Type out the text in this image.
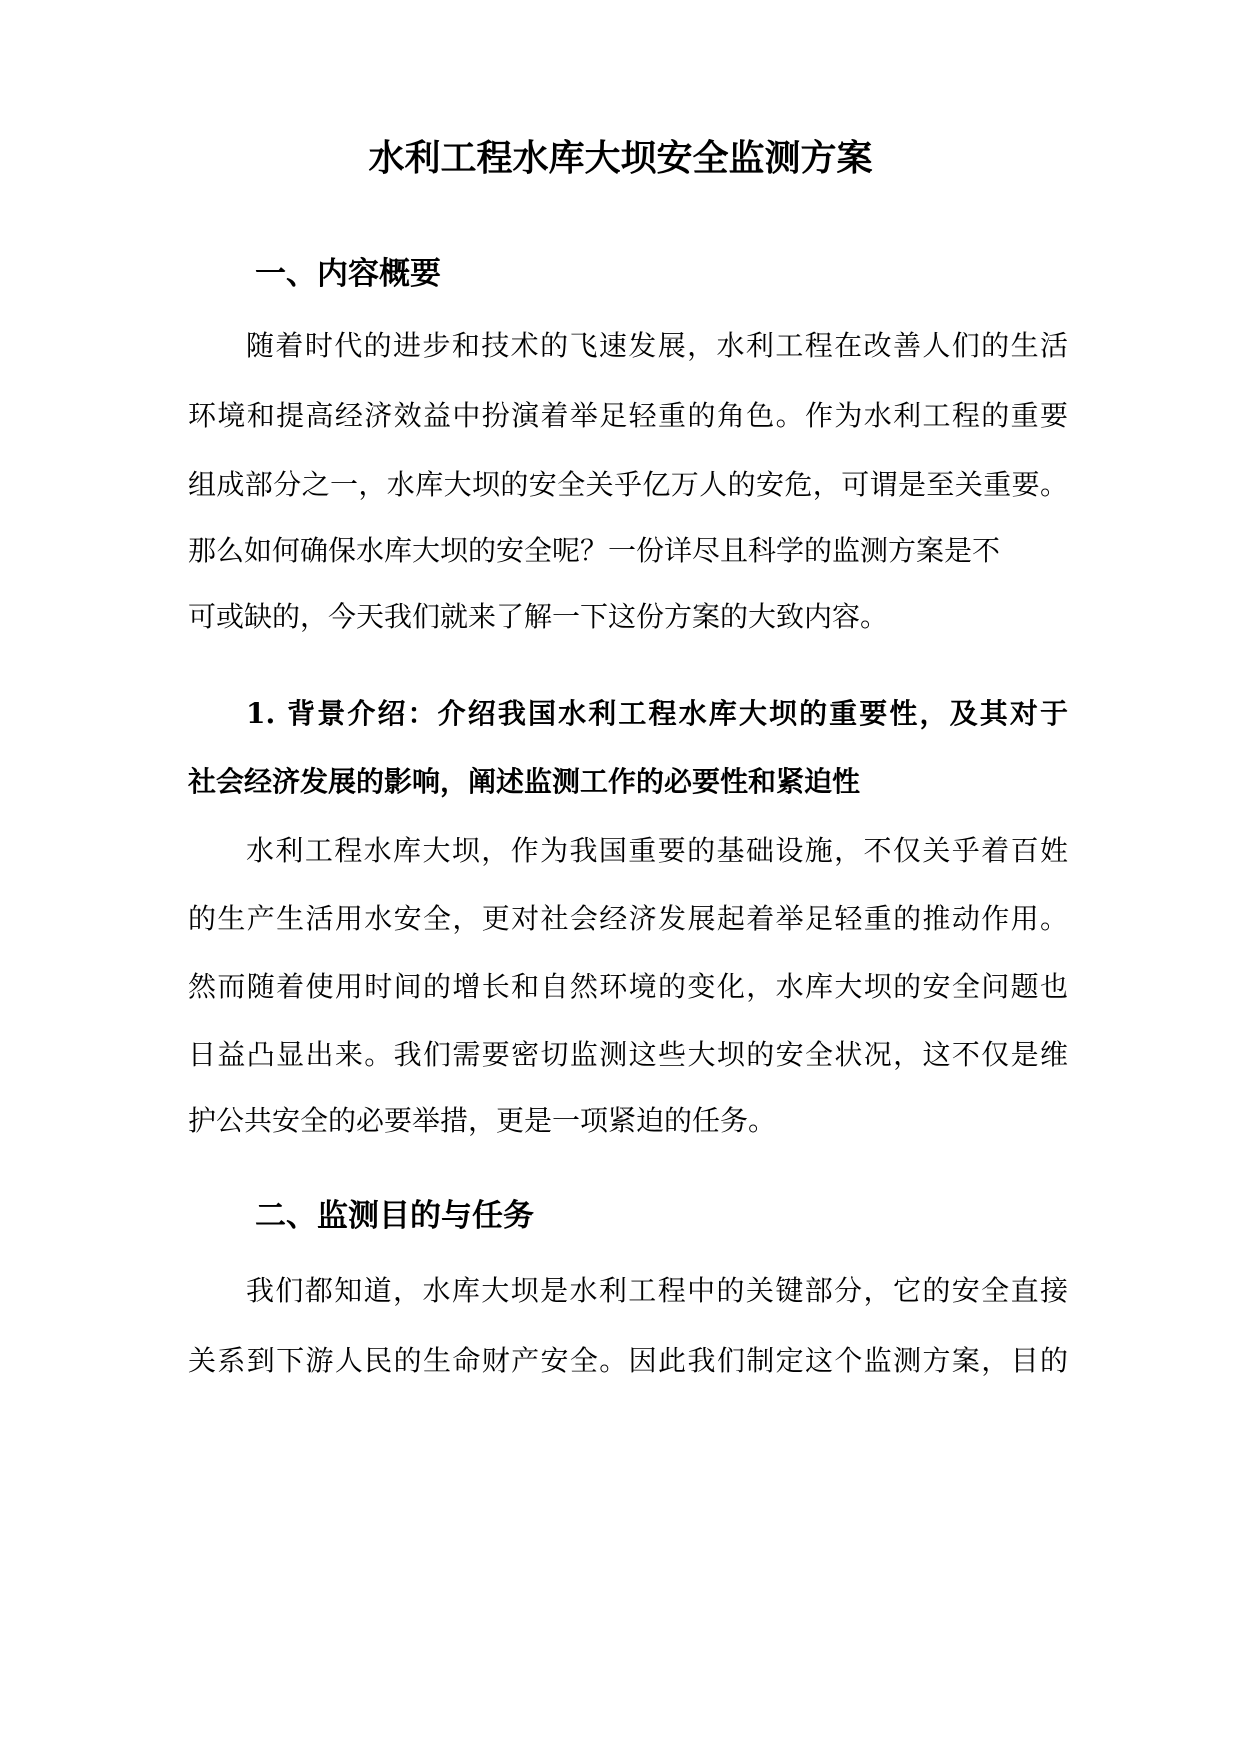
水利工程水库大坝安全监测方案
一、内容概要
随着时代的进步和技术的飞速发展，水利工程在改善人们的生活
环境和提高经济效益中扮演着举足轻重的角色。作为水利工程的重要
组成部分之一，水库大坝的安全关乎亿万人的安危，可谓是至关重要。
那么如何确保水库大坝的安全呢？一份详尽且科学的监测方案是不
可或缺的，今天我们就来了解一下这份方案的大致内容。
1. 背景介绍：介绍我国水利工程水库大坝的重要性，及其对于
社会经济发展的影响，阐述监测工作的必要性和紧迫性
水利工程水库大坝，作为我国重要的基础设施，不仅关乎着百姓
的生产生活用水安全，更对社会经济发展起着举足轻重的推动作用。
然而随着使用时间的增长和自然环境的变化，水库大坝的安全问题也
日益凸显出来。我们需要密切监测这些大坝的安全状况，这不仅是维
护公共安全的必要举措，更是一项紧迫的任务。
二、监测目的与任务
我们都知道，水库大坝是水利工程中的关键部分，它的安全直接
关系到下游人民的生命财产安全。因此我们制定这个监测方案，目的
